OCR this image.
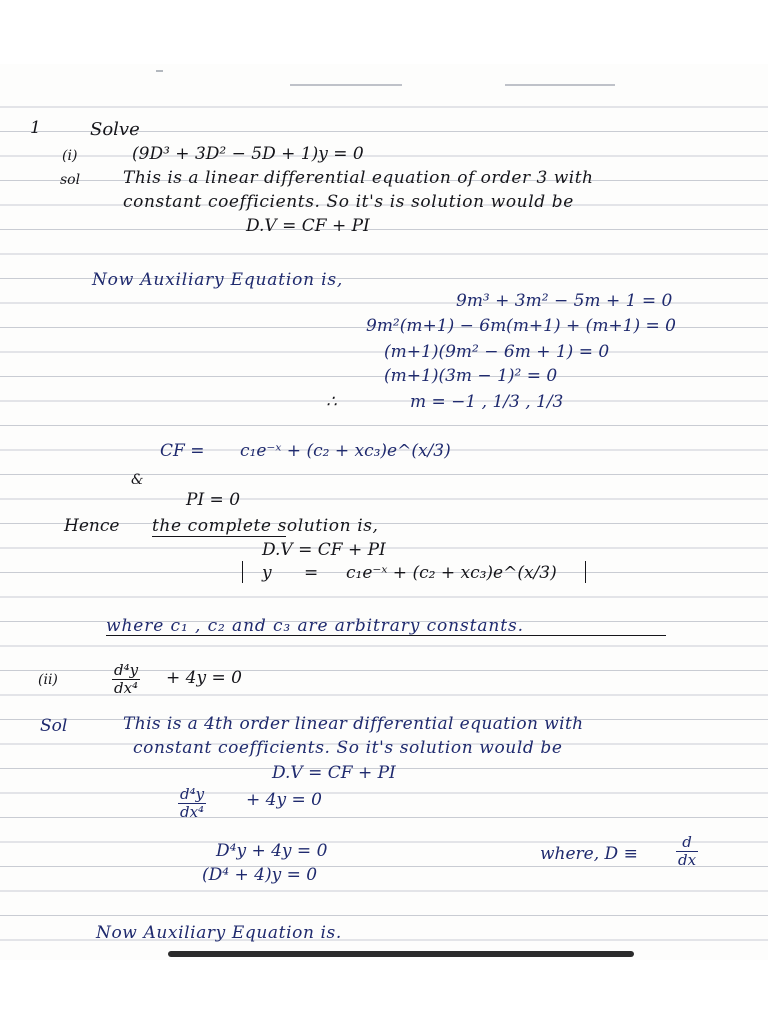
1	Solve
(i)	(9D³ + 3D² − 5D + 1)y = 0
sol	This is a linear differential equation of order 3 with
constant coefficients. So it's is solution would be
D.V = CF + PI
Now Auxiliary Equation is,
9m³ + 3m² − 5m + 1 = 0
9m²(m+1) − 6m(m+1) + (m+1) = 0
(m+1)(9m² − 6m + 1) = 0
(m+1)(3m − 1)² = 0
∴	m = −1 , 1/3 , 1/3
CF = c₁e⁻ˣ + (c₂ + xc₃)e^(x/3)
&
PI = 0
Hence the complete solution is,
D.V = CF + PI
y = c₁e⁻ˣ + (c₂ + xc₃)e^(x/3)
where c₁ , c₂ and c₃ are arbitrary constants.
(ii)	$\frac{\text{d⁴y}}{\text{dx⁴}} + 4y = 0$
Sol	This is a 4th order linear differential equation with
constant coefficients. So it's solution would be
D.V = CF + PI
$\frac{\text{d⁴y}}{\text{dx⁴}} + 4y = 0$
D⁴y + 4y = 0
(D⁴ + 4)y = 0
where, D ≡	$\frac{d}{dx}$
Now Auxiliary Equation is.
